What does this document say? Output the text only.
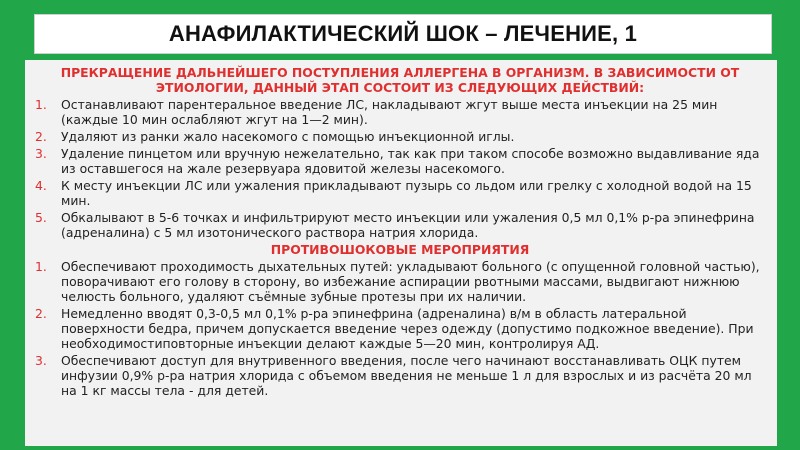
АНАФИЛАКТИЧЕСКИЙ ШОК – ЛЕЧЕНИЕ, 1
ПРЕКРАЩЕНИЕ ДАЛЬНЕЙШЕГО ПОСТУПЛЕНИЯ АЛЛЕРГЕНА В ОРГАНИЗМ. В ЗАВИСИМОСТИ ОТ ЭТИОЛОГИИ, ДАННЫЙ ЭТАП СОСТОИТ ИЗ СЛЕДУЮЩИХ ДЕЙСТВИЙ:
1. Останавливают парентеральное введение ЛС, накладывают жгут выше места инъекции на 25 мин (каждые 10 мин ослабляют жгут на 1—2 мин).
2. Удаляют из ранки жало насекомого с помощью инъекционной иглы.
3. Удаление пинцетом или вручную нежелательно, так как при таком способе возможно выдавливание яда из оставшегося на жале резервуара ядовитой железы насекомого.
4. К месту инъекции ЛС или ужаления прикладывают пузырь со льдом или грелку с холодной водой на 15 мин.
5. Обкалывают в 5-6 точках и инфильтрируют место инъекции или ужаления 0,5 мл 0,1% р-ра эпинефрина (адреналина) с 5 мл изотонического раствора натрия хлорида.
ПРОТИВОШОКОВЫЕ МЕРОПРИЯТИЯ
1. Обеспечивают проходимость дыхательных путей: укладывают больного (с опущенной головной частью), поворачивают его голову в сторону, во избежание аспирации рвотными массами, выдвигают нижнюю челюсть больного, удаляют съёмные зубные протезы при их наличии.
2. Немедленно вводят 0,3-0,5 мл 0,1% р-ра эпинефрина (адреналина) в/м в область латеральной поверхности бедра, причем допускается введение через одежду (допустимо подкожное введение). При необходимостиповторные инъекции делают каждые 5—20 мин, контролируя АД.
3. Обеспечивают доступ для внутривенного введения, после чего начинают восстанавливать ОЦК путем инфузии 0,9% р-ра натрия хлорида с объемом введения не меньше 1 л для взрослых и из расчёта 20 мл на 1 кг массы тела - для детей.
